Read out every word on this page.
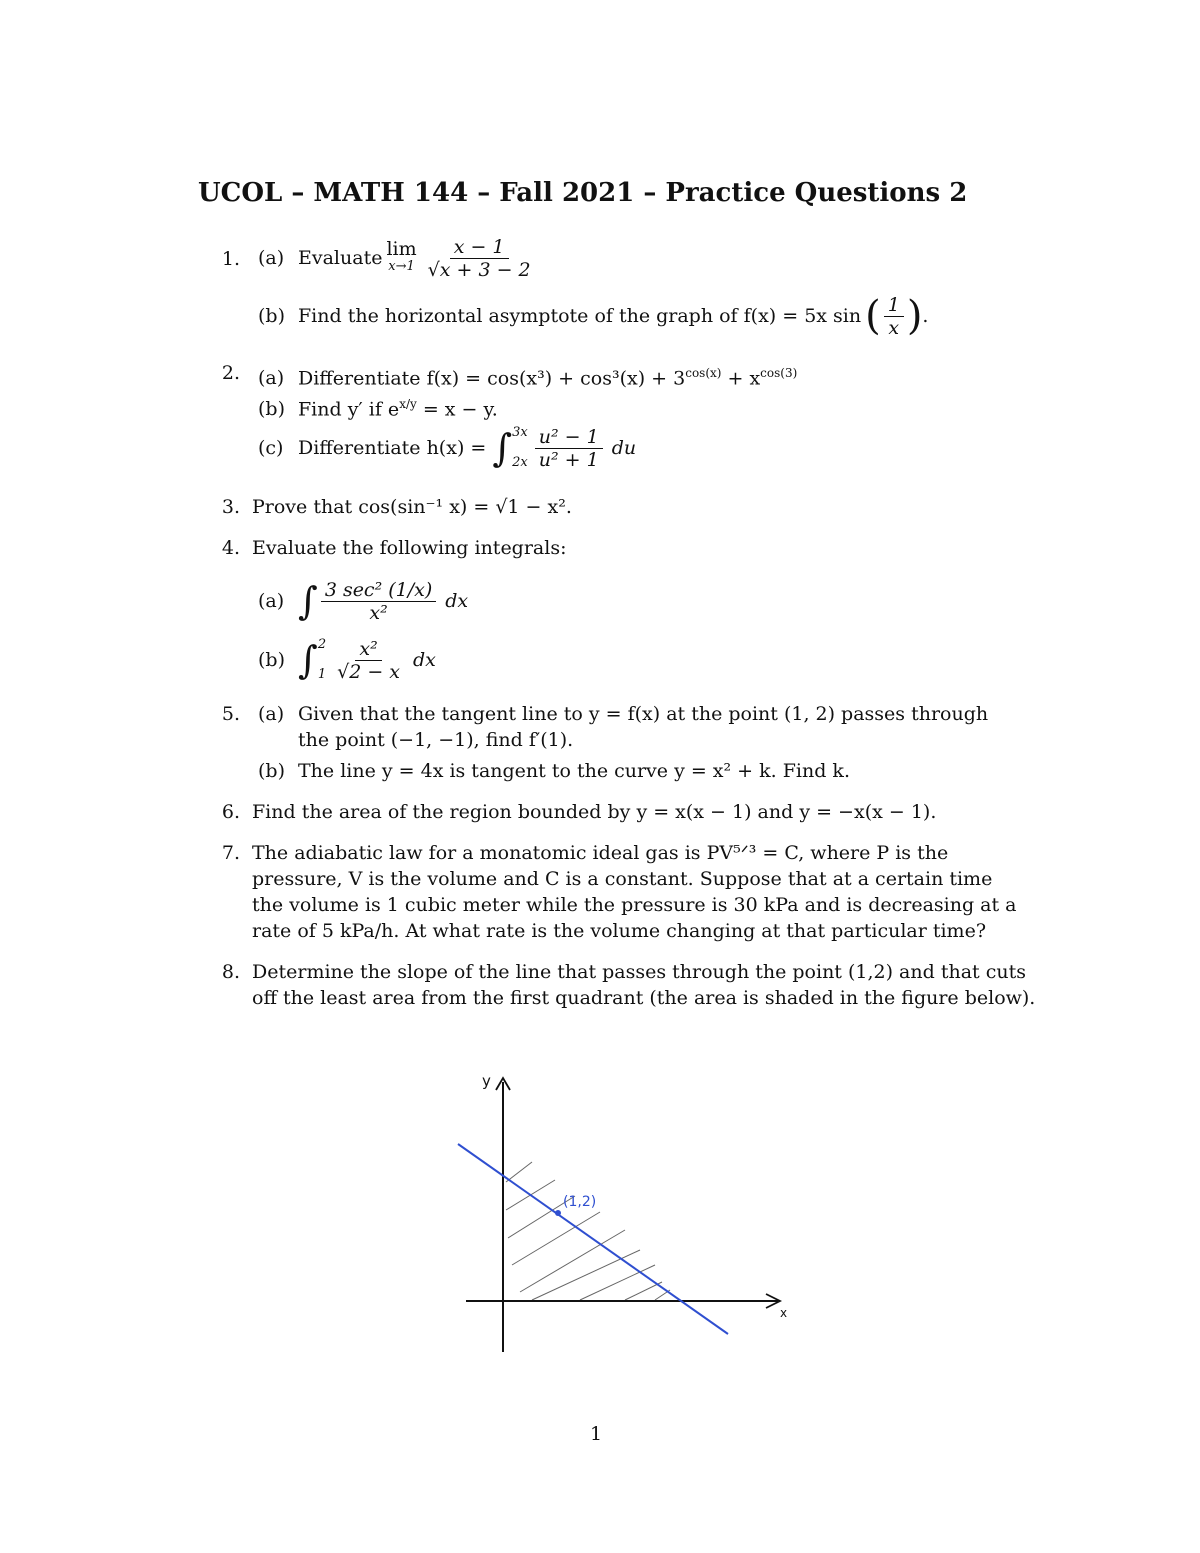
UCOL – MATH 144 – Fall 2021 – Practice Questions 2
1. (a) Evaluate lim
$x\to 1 \frac{x - 1}{√x + 3 - 2}$
(b) Find the horizontal asymptote of the graph of f(x) = 5x sin ( $\frac{1}{x}$ ) .
2. (a) Differentiate $f(x) = \cos(x^3) + \cos^3(x) + 3^{cos(x)} + x^{cos(3)}$
(b) Find y′ if $e^{x/y} = x - y$.
(c) Differentiate h(x) = ∫ 3x
$2x \frac{\text{u² − 1}}{\text{u² + 1}}$ du
3. Prove that cos(sin⁻¹ x) = √1 − x².
4. Evaluate the following integrals:
(a) ∫ $\frac{\text{3 sec² (1/x)}}{\text{x²}}$ dx
(b) ∫ 2
$1 \frac{\text{x²}}{√2 - x}$ dx
5. (a) Given that the tangent line to y = f(x) at the point (1, 2) passes through
the point (−1, −1), find f′(1).
(b) The line y = 4x is tangent to the curve y = x² + k. Find k.
6. Find the area of the region bounded by y = x(x − 1) and y = −x(x − 1).
7. The adiabatic law for a monatomic ideal gas is PV⁵ᐟ³ = C, where P is the
pressure, V is the volume and C is a constant. Suppose that at a certain time
the volume is 1 cubic meter while the pressure is 30 kPa and is decreasing at a
rate of 5 kPa/h. At what rate is the volume changing at that particular time?
8. Determine the slope of the line that passes through the point (1,2) and that cuts
off the least area from the first quadrant (the area is shaded in the figure below).
(1,2)
y
x
1
